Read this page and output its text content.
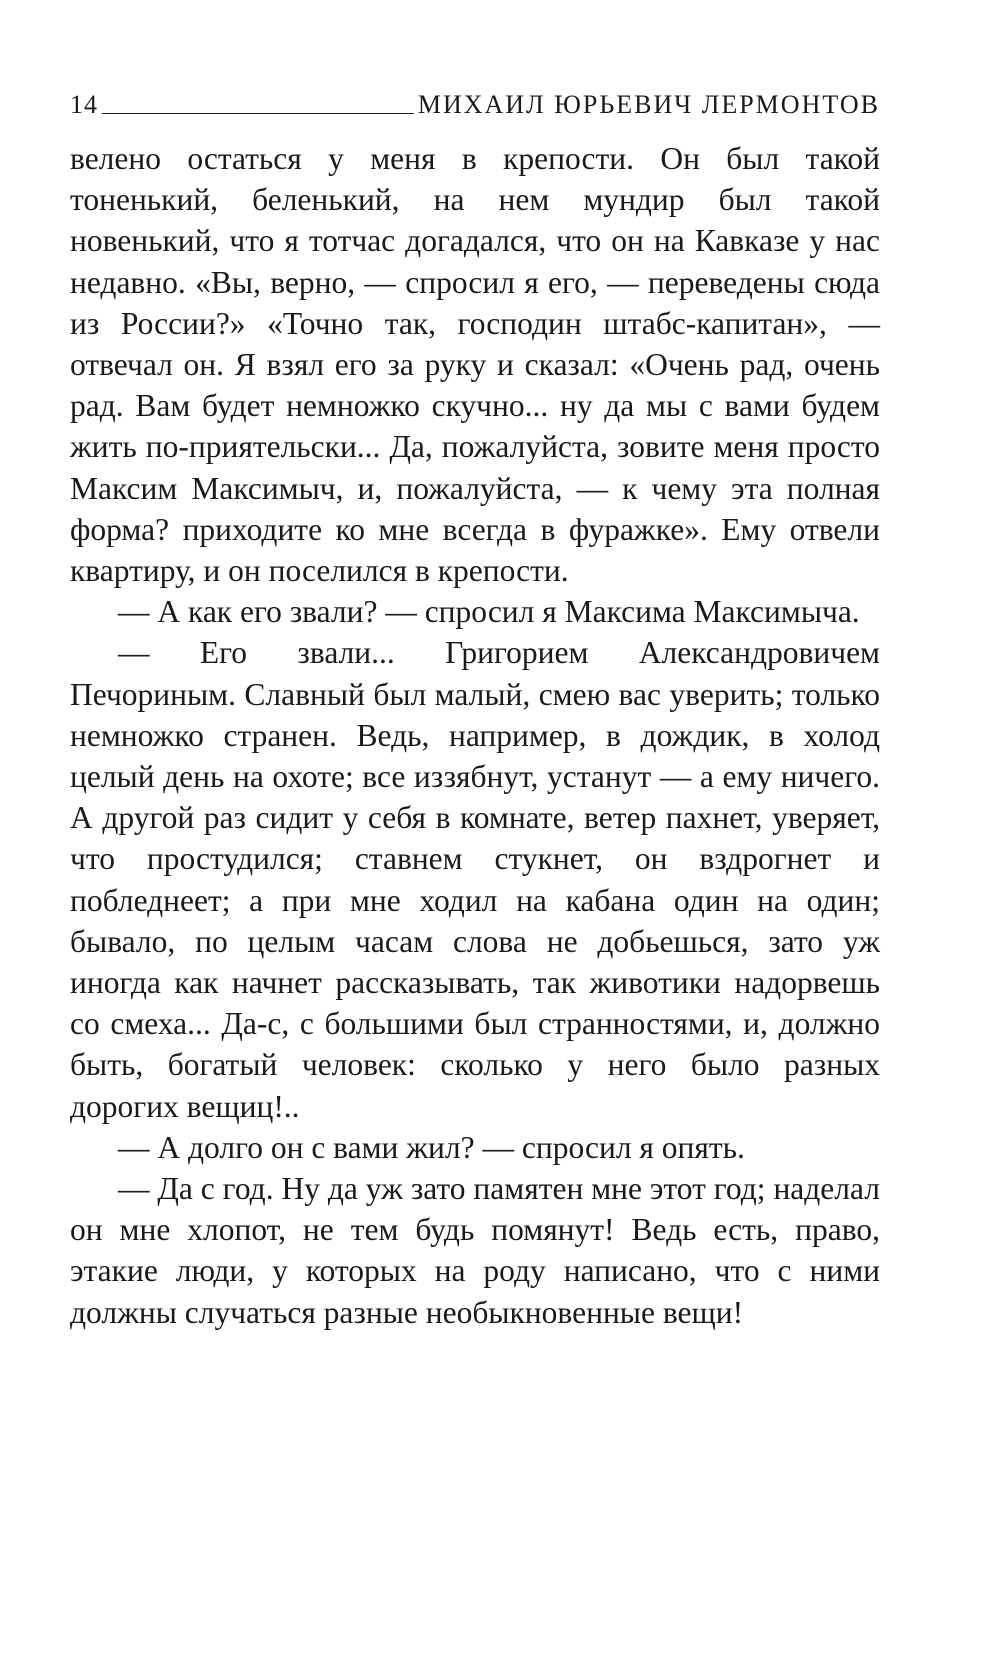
14	МИХАИЛ ЮРЬЕВИЧ ЛЕРМОНТОВ

велено остаться у меня в крепости. Он был такой тоненький, беленький, на нем мундир был такой новенький, что я тотчас догадался, что он на Кавказе у нас недавно. «Вы, верно, — спросил я его, — переведены сюда из России?» «Точно так, господин штабс-капитан», — отвечал он. Я взял его за руку и сказал: «Очень рад, очень рад. Вам будет немножко скучно... ну да мы с вами будем жить по-приятельски... Да, пожалуйста, зовите меня просто Максим Максимыч, и, пожалуйста, — к чему эта полная форма? приходите ко мне всегда в фуражке». Ему отвели квартиру, и он поселился в крепости.

— А как его звали? — спросил я Максима Максимыча.

— Его звали... Григорием Александровичем Печориным. Славный был малый, смею вас уверить; только немножко странен. Ведь, например, в дождик, в холод целый день на охоте; все иззябнут, устанут — а ему ничего. А другой раз сидит у себя в комнате, ветер пахнет, уверяет, что простудился; ставнем стукнет, он вздрогнет и побледнеет; а при мне ходил на кабана один на один; бывало, по целым часам слова не добьешься, зато уж иногда как начнет рассказывать, так животики надорвешь со смеха... Да-с, с большими был странностями, и, должно быть, богатый человек: сколько у него было разных дорогих вещиц!..

— А долго он с вами жил? — спросил я опять.

— Да с год. Ну да уж зато памятен мне этот год; наделал он мне хлопот, не тем будь помянут! Ведь есть, право, этакие люди, у которых на роду написано, что с ними должны случаться разные необыкновенные вещи!
